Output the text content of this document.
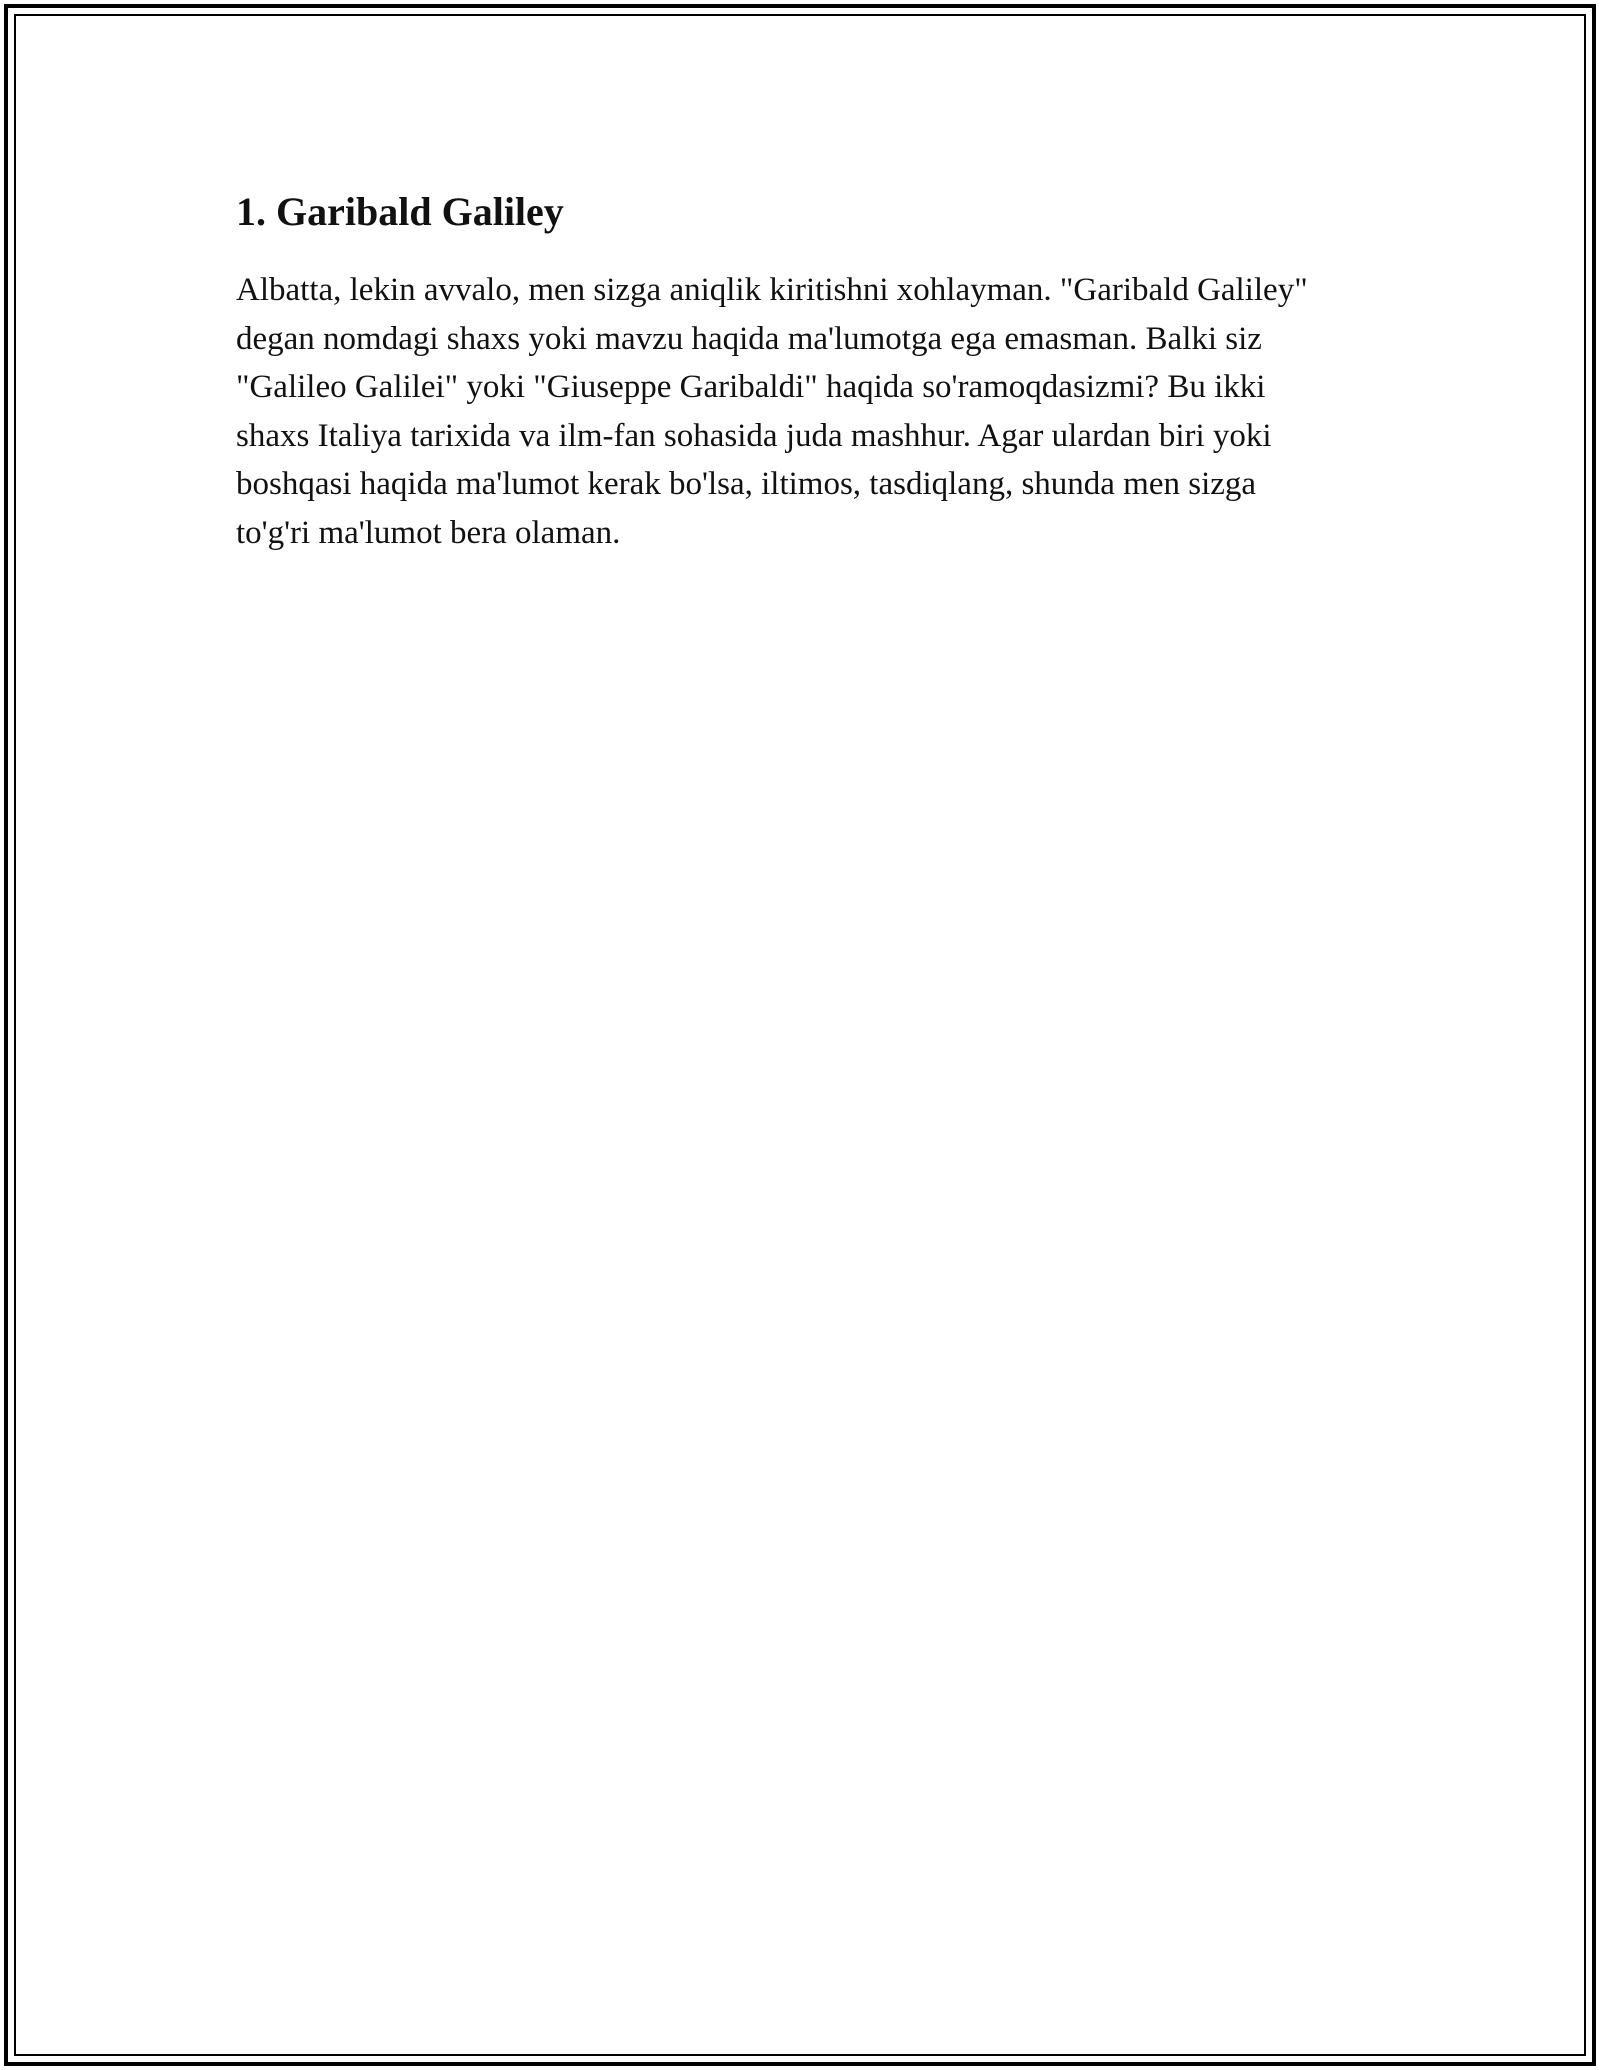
1. Garibald Galiley

Albatta, lekin avvalo, men sizga aniqlik kiritishni xohlayman. "Garibald Galiley" degan nomdagi shaxs yoki mavzu haqida ma'lumotga ega emasman. Balki siz "Galileo Galilei" yoki "Giuseppe Garibaldi" haqida so'ramoqdasizmi? Bu ikki shaxs Italiya tarixida va ilm-fan sohasida juda mashhur. Agar ulardan biri yoki boshqasi haqida ma'lumot kerak bo'lsa, iltimos, tasdiqlang, shunda men sizga to'g'ri ma'lumot bera olaman.
